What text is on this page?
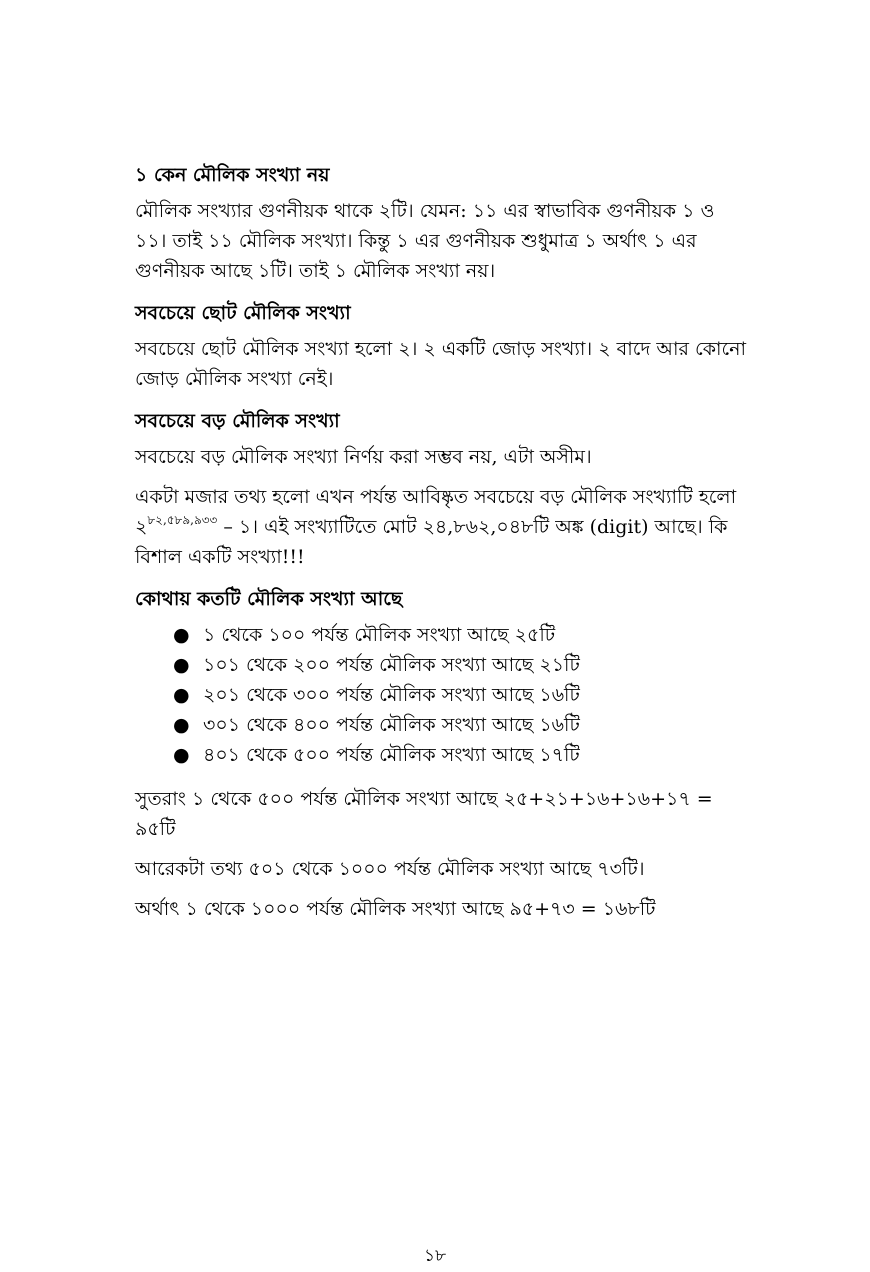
১ কেন মৌলিক সংখ্যা নয়

মৌলিক সংখ্যার গুণনীয়ক থাকে ২টি। যেমন: ১১ এর স্বাভাবিক গুণনীয়ক ১ ও ১১। তাই ১১ মৌলিক সংখ্যা। কিন্তু ১ এর গুণনীয়ক শুধুমাত্র ১ অর্থাৎ ১ এর গুণনীয়ক আছে ১টি। তাই ১ মৌলিক সংখ্যা নয়।

সবচেয়ে ছোট মৌলিক সংখ্যা

সবচেয়ে ছোট মৌলিক সংখ্যা হলো ২। ২ একটি জোড় সংখ্যা। ২ বাদে আর কোনো জোড় মৌলিক সংখ্যা নেই।

সবচেয়ে বড় মৌলিক সংখ্যা

সবচেয়ে বড় মৌলিক সংখ্যা নির্ণয় করা সম্ভব নয়, এটা অসীম।

একটা মজার তথ্য হলো এখন পর্যন্ত আবিষ্কৃত সবচেয়ে বড় মৌলিক সংখ্যাটি হলো ২$^{৮২,৫৮৯,৯৩৩}$ – ১। এই সংখ্যাটিতে মোট ২৪,৮৬২,০৪৮টি অঙ্ক (digit) আছে। কি বিশাল একটি সংখ্যা!!!

কোথায় কতটি মৌলিক সংখ্যা আছে
● ১ থেকে ১০০ পর্যন্ত মৌলিক সংখ্যা আছে ২৫টি
● ১০১ থেকে ২০০ পর্যন্ত মৌলিক সংখ্যা আছে ২১টি
● ২০১ থেকে ৩০০ পর্যন্ত মৌলিক সংখ্যা আছে ১৬টি
● ৩০১ থেকে ৪০০ পর্যন্ত মৌলিক সংখ্যা আছে ১৬টি
● ৪০১ থেকে ৫০০ পর্যন্ত মৌলিক সংখ্যা আছে ১৭টি

সুতরাং ১ থেকে ৫০০ পর্যন্ত মৌলিক সংখ্যা আছে ২৫+২১+১৬+১৬+১৭ = ৯৫টি

আরেকটা তথ্য ৫০১ থেকে ১০০০ পর্যন্ত মৌলিক সংখ্যা আছে ৭৩টি।

অর্থাৎ ১ থেকে ১০০০ পর্যন্ত মৌলিক সংখ্যা আছে ৯৫+৭৩ = ১৬৮টি

১৮
